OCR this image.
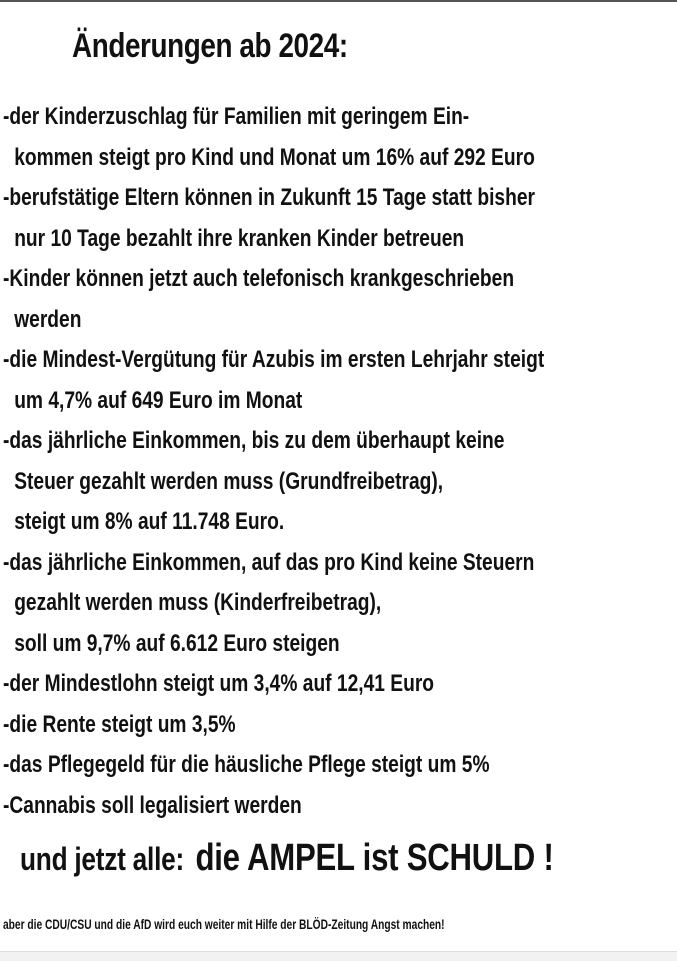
Änderungen ab 2024:
-der Kinderzuschlag für Familien mit geringem Ein-
kommen steigt pro Kind und Monat um 16% auf 292 Euro
-berufstätige Eltern können in Zukunft 15 Tage statt bisher
nur 10 Tage bezahlt ihre kranken Kinder betreuen
-Kinder können jetzt auch telefonisch krankgeschrieben
werden
-die Mindest-Vergütung für Azubis im ersten Lehrjahr steigt
um 4,7% auf 649 Euro im Monat
-das jährliche Einkommen, bis zu dem überhaupt keine
Steuer gezahlt werden muss (Grundfreibetrag),
steigt um 8% auf 11.748 Euro.
-das jährliche Einkommen, auf das pro Kind keine Steuern
gezahlt werden muss (Kinderfreibetrag),
soll um 9,7% auf 6.612 Euro steigen
-der Mindestlohn steigt um 3,4% auf 12,41 Euro
-die Rente steigt um 3,5%
-das Pflegegeld für die häusliche Pflege steigt um 5%
-Cannabis soll legalisiert werden
und jetzt alle: die AMPEL ist SCHULD !
aber die CDU/CSU und die AfD wird euch weiter mit Hilfe der BLÖD-Zeitung Angst machen!
